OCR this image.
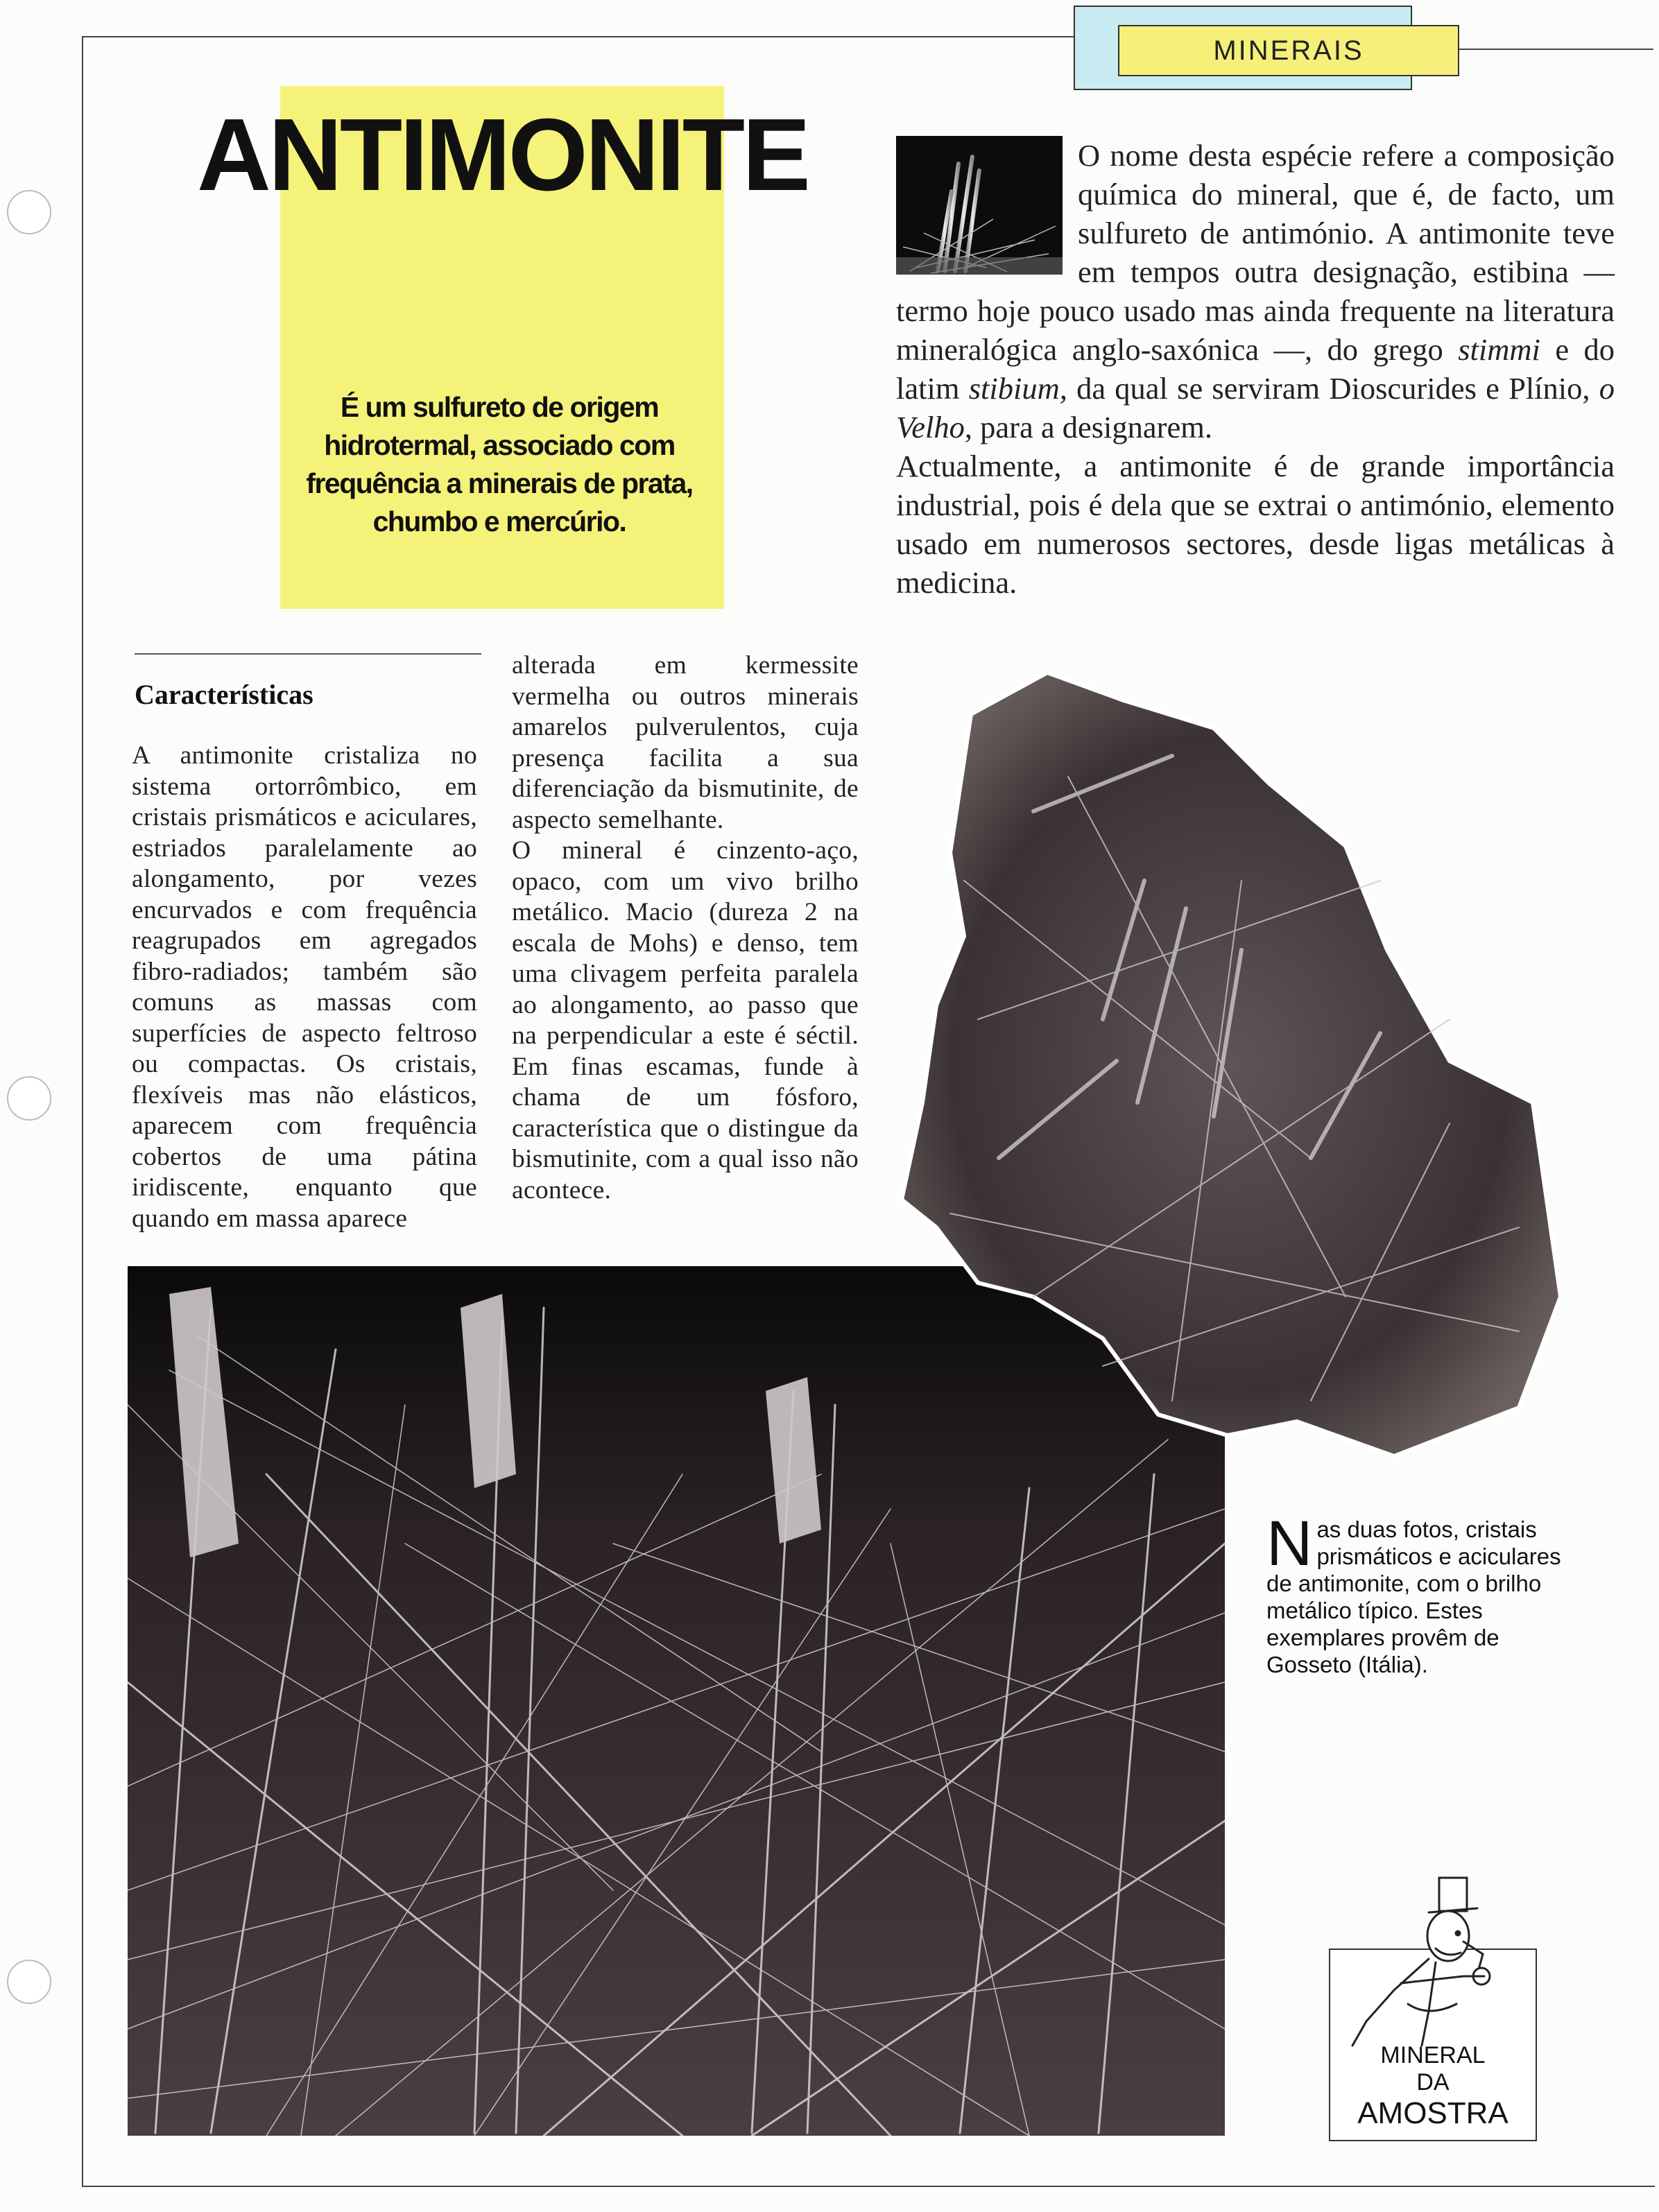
MINERAIS
ANTIMONITE
É um sulfureto de origem hidrotermal, associado com frequência a minerais de prata, chumbo e mercúrio.

O nome desta espécie refere a composição química do mineral, que é, de facto, um sulfureto de antimónio. A antimonite teve em tempos outra designação, estibina — termo hoje pouco usado mas ainda frequente na literatura mineralógica anglo-saxónica —, do grego stimmi e do latim stibium, da qual se serviram Dioscurides e Plínio, o Velho, para a designarem.

Actualmente, a antimonite é de grande importância industrial, pois é dela que se extrai o antimónio, elemento usado em numerosos sectores, desde ligas metálicas à medicina.

Características
A antimonite cristaliza no sistema ortorrômbico, em cristais prismáticos e aciculares, estriados paralelamente ao alongamento, por vezes encurvados e com frequência reagrupados em agregados fibro-radiados; também são comuns as massas com superfícies de aspecto feltroso ou compactas. Os cristais, flexíveis mas não elásticos, aparecem com frequência cobertos de uma pátina iridiscente, enquanto que quando em massa aparece
alterada em kermessite vermelha ou outros minerais amarelos pulverulentos, cuja presença facilita a sua diferenciação da bismutinite, de aspecto semelhante.
O mineral é cinzento-aço, opaco, com um vivo brilho metálico. Macio (dureza 2 na escala de Mohs) e denso, tem uma clivagem perfeita paralela ao alongamento, ao passo que na perpendicular a este é séctil. Em finas escamas, funde à chama de um fósforo, característica que o distingue da bismutinite, com a qual isso não acontece.
Nas duas fotos, cristais prismáticos e aciculares de antimonite, com o brilho metálico típico. Estes exemplares provêm de Gosseto (Itália).
MINERAL
DA
AMOSTRA
